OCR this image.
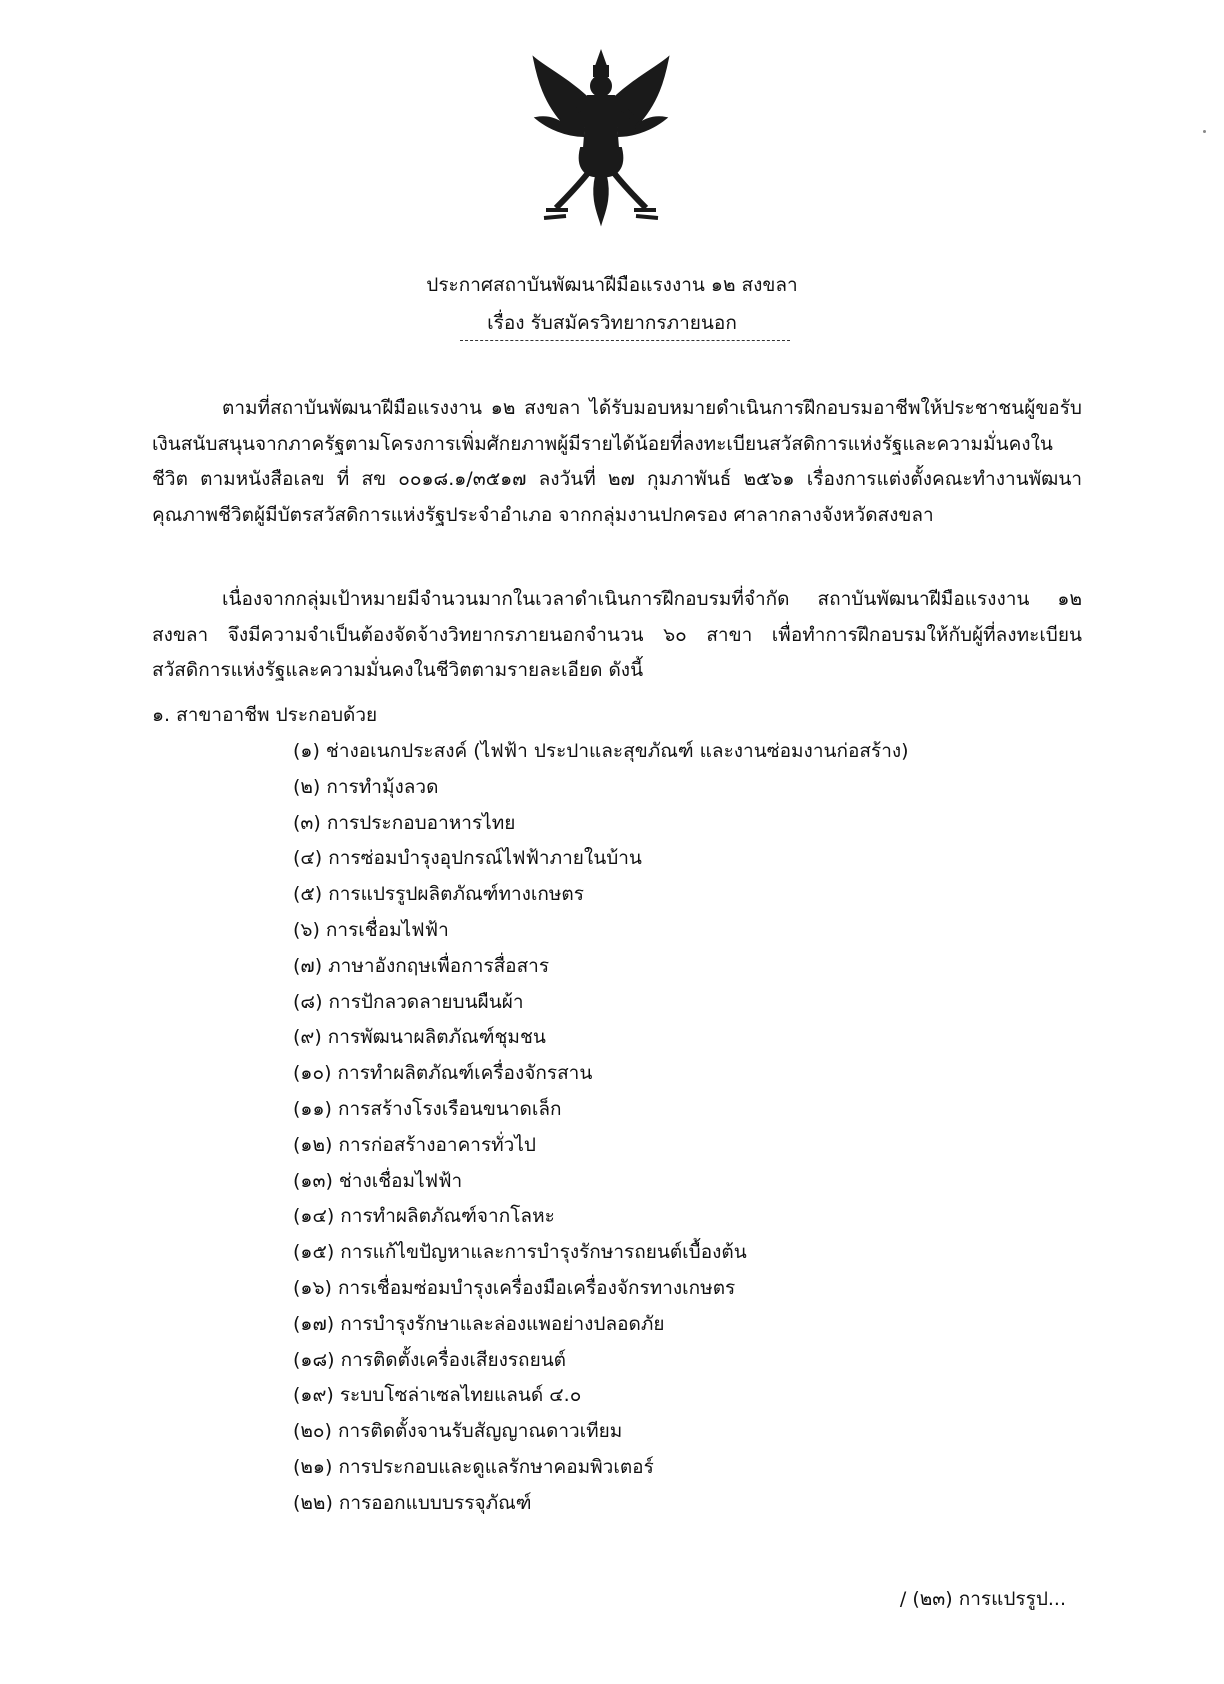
ประกาศสถาบันพัฒนาฝีมือแรงงาน ๑๒ สงขลา
เรื่อง รับสมัครวิทยากรภายนอก

ตามที่สถาบันพัฒนาฝีมือแรงงาน ๑๒ สงขลา ได้รับมอบหมายดำเนินการฝึกอบรมอาชีพให้ประชาชนผู้ขอรับเงินสนับสนุนจากภาครัฐตามโครงการเพิ่มศักยภาพผู้มีรายได้น้อยที่ลงทะเบียนสวัสดิการแห่งรัฐและความมั่นคงในชีวิต ตามหนังสือเลข ที่ สข ๐๐๑๘.๑/๓๕๑๗ ลงวันที่ ๒๗ กุมภาพันธ์ ๒๕๖๑ เรื่องการแต่งตั้งคณะทำงานพัฒนาคุณภาพชีวิตผู้มีบัตรสวัสดิการแห่งรัฐประจำอำเภอ จากกลุ่มงานปกครอง ศาลากลางจังหวัดสงขลา

เนื่องจากกลุ่มเป้าหมายมีจำนวนมากในเวลาดำเนินการฝึกอบรมที่จำกัด สถาบันพัฒนาฝีมือแรงงาน ๑๒ สงขลา จึงมีความจำเป็นต้องจัดจ้างวิทยากรภายนอกจำนวน ๖๐ สาขา เพื่อทำการฝึกอบรมให้กับผู้ที่ลงทะเบียนสวัสดิการแห่งรัฐและความมั่นคงในชีวิตตามรายละเอียด ดังนี้

๑. สาขาอาชีพ ประกอบด้วย
(๑) ช่างอเนกประสงค์ (ไฟฟ้า ประปาและสุขภัณฑ์ และงานซ่อมงานก่อสร้าง)
(๒) การทำมุ้งลวด
(๓) การประกอบอาหารไทย
(๔) การซ่อมบำรุงอุปกรณ์ไฟฟ้าภายในบ้าน
(๕) การแปรรูปผลิตภัณฑ์ทางเกษตร
(๖) การเชื่อมไฟฟ้า
(๗) ภาษาอังกฤษเพื่อการสื่อสาร
(๘) การปักลวดลายบนผืนผ้า
(๙) การพัฒนาผลิตภัณฑ์ชุมชน
(๑๐) การทำผลิตภัณฑ์เครื่องจักรสาน
(๑๑) การสร้างโรงเรือนขนาดเล็ก
(๑๒) การก่อสร้างอาคารทั่วไป
(๑๓) ช่างเชื่อมไฟฟ้า
(๑๔) การทำผลิตภัณฑ์จากโลหะ
(๑๕) การแก้ไขปัญหาและการบำรุงรักษารถยนต์เบื้องต้น
(๑๖) การเชื่อมซ่อมบำรุงเครื่องมือเครื่องจักรทางเกษตร
(๑๗) การบำรุงรักษาและล่องแพอย่างปลอดภัย
(๑๘) การติดตั้งเครื่องเสียงรถยนต์
(๑๙) ระบบโซล่าเซลไทยแลนด์ ๔.๐
(๒๐) การติดตั้งจานรับสัญญาณดาวเทียม
(๒๑) การประกอบและดูแลรักษาคอมพิวเตอร์
(๒๒) การออกแบบบรรจุภัณฑ์
/ (๒๓) การแปรรูป...
